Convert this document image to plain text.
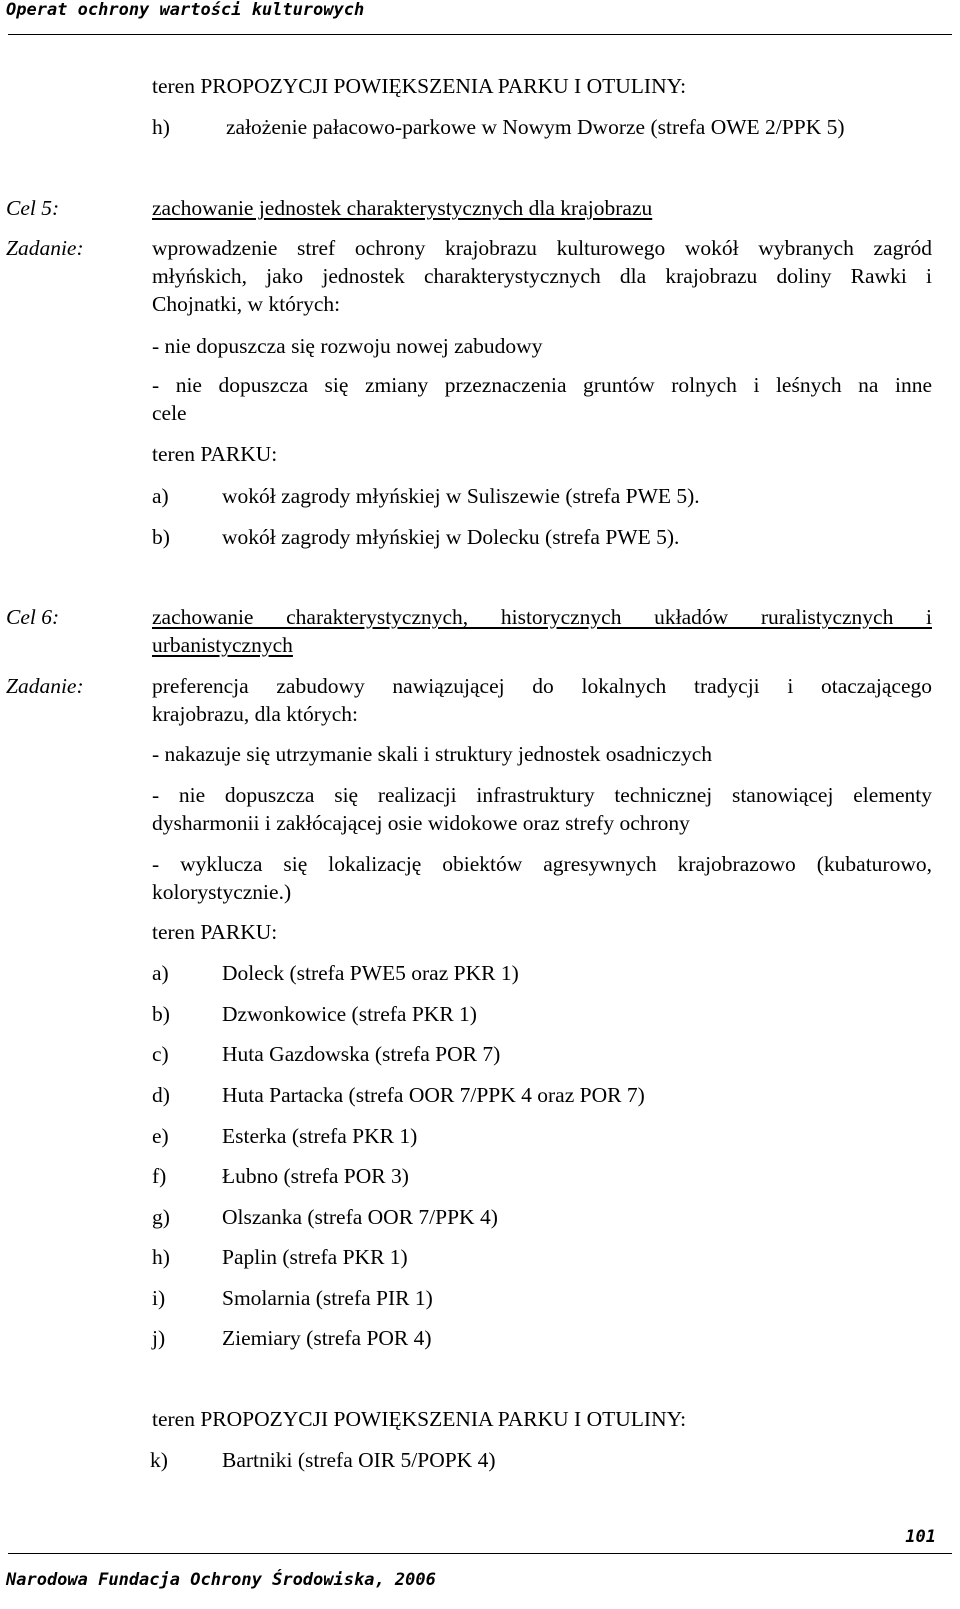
Operat ochrony wartości kulturowych
teren PROPOZYCJI POWIĘKSZENIA PARKU I OTULINY:
h)	założenie pałacowo-parkowe w Nowym Dworze (strefa OWE 2/PPK 5)
Cel 5:	zachowanie jednostek charakterystycznych dla krajobrazu
Zadanie:	wprowadzenie stref ochrony krajobrazu kulturowego wokół wybranych zagród
młyńskich, jako jednostek charakterystycznych dla krajobrazu doliny Rawki i
Chojnatki, w których:
- nie dopuszcza się rozwoju nowej zabudowy
- nie dopuszcza się zmiany przeznaczenia gruntów rolnych i leśnych na inne
cele
teren PARKU:
a) wokół zagrody młyńskiej w Suliszewie (strefa PWE 5).
b) wokół zagrody młyńskiej w Dolecku (strefa PWE 5).
Cel 6:	zachowanie charakterystycznych, historycznych układów ruralistycznych i
urbanistycznych
Zadanie:	preferencja zabudowy nawiązującej do lokalnych tradycji i otaczającego
krajobrazu, dla których:
- nakazuje się utrzymanie skali i struktury jednostek osadniczych
- nie dopuszcza się realizacji infrastruktury technicznej stanowiącej elementy
dysharmonii i zakłócającej osie widokowe oraz strefy ochrony
- wyklucza się lokalizację obiektów agresywnych krajobrazowo (kubaturowo,
kolorystycznie.)
teren PARKU:
a) Doleck (strefa PWE5 oraz PKR 1)
b) Dzwonkowice (strefa PKR 1)
c) Huta Gazdowska (strefa POR 7)
d) Huta Partacka (strefa OOR 7/PPK 4 oraz POR 7)
e) Esterka (strefa PKR 1)
f)	Łubno (strefa POR 3)
g) Olszanka (strefa OOR 7/PPK 4)
h) Paplin (strefa PKR 1)
i)	Smolarnia (strefa PIR 1)
j)	Ziemiary (strefa POR 4)
teren PROPOZYCJI POWIĘKSZENIA PARKU I OTULINY:
k)	Bartniki (strefa OIR 5/POPK 4)
101
Narodowa Fundacja Ochrony Środowiska, 2006
